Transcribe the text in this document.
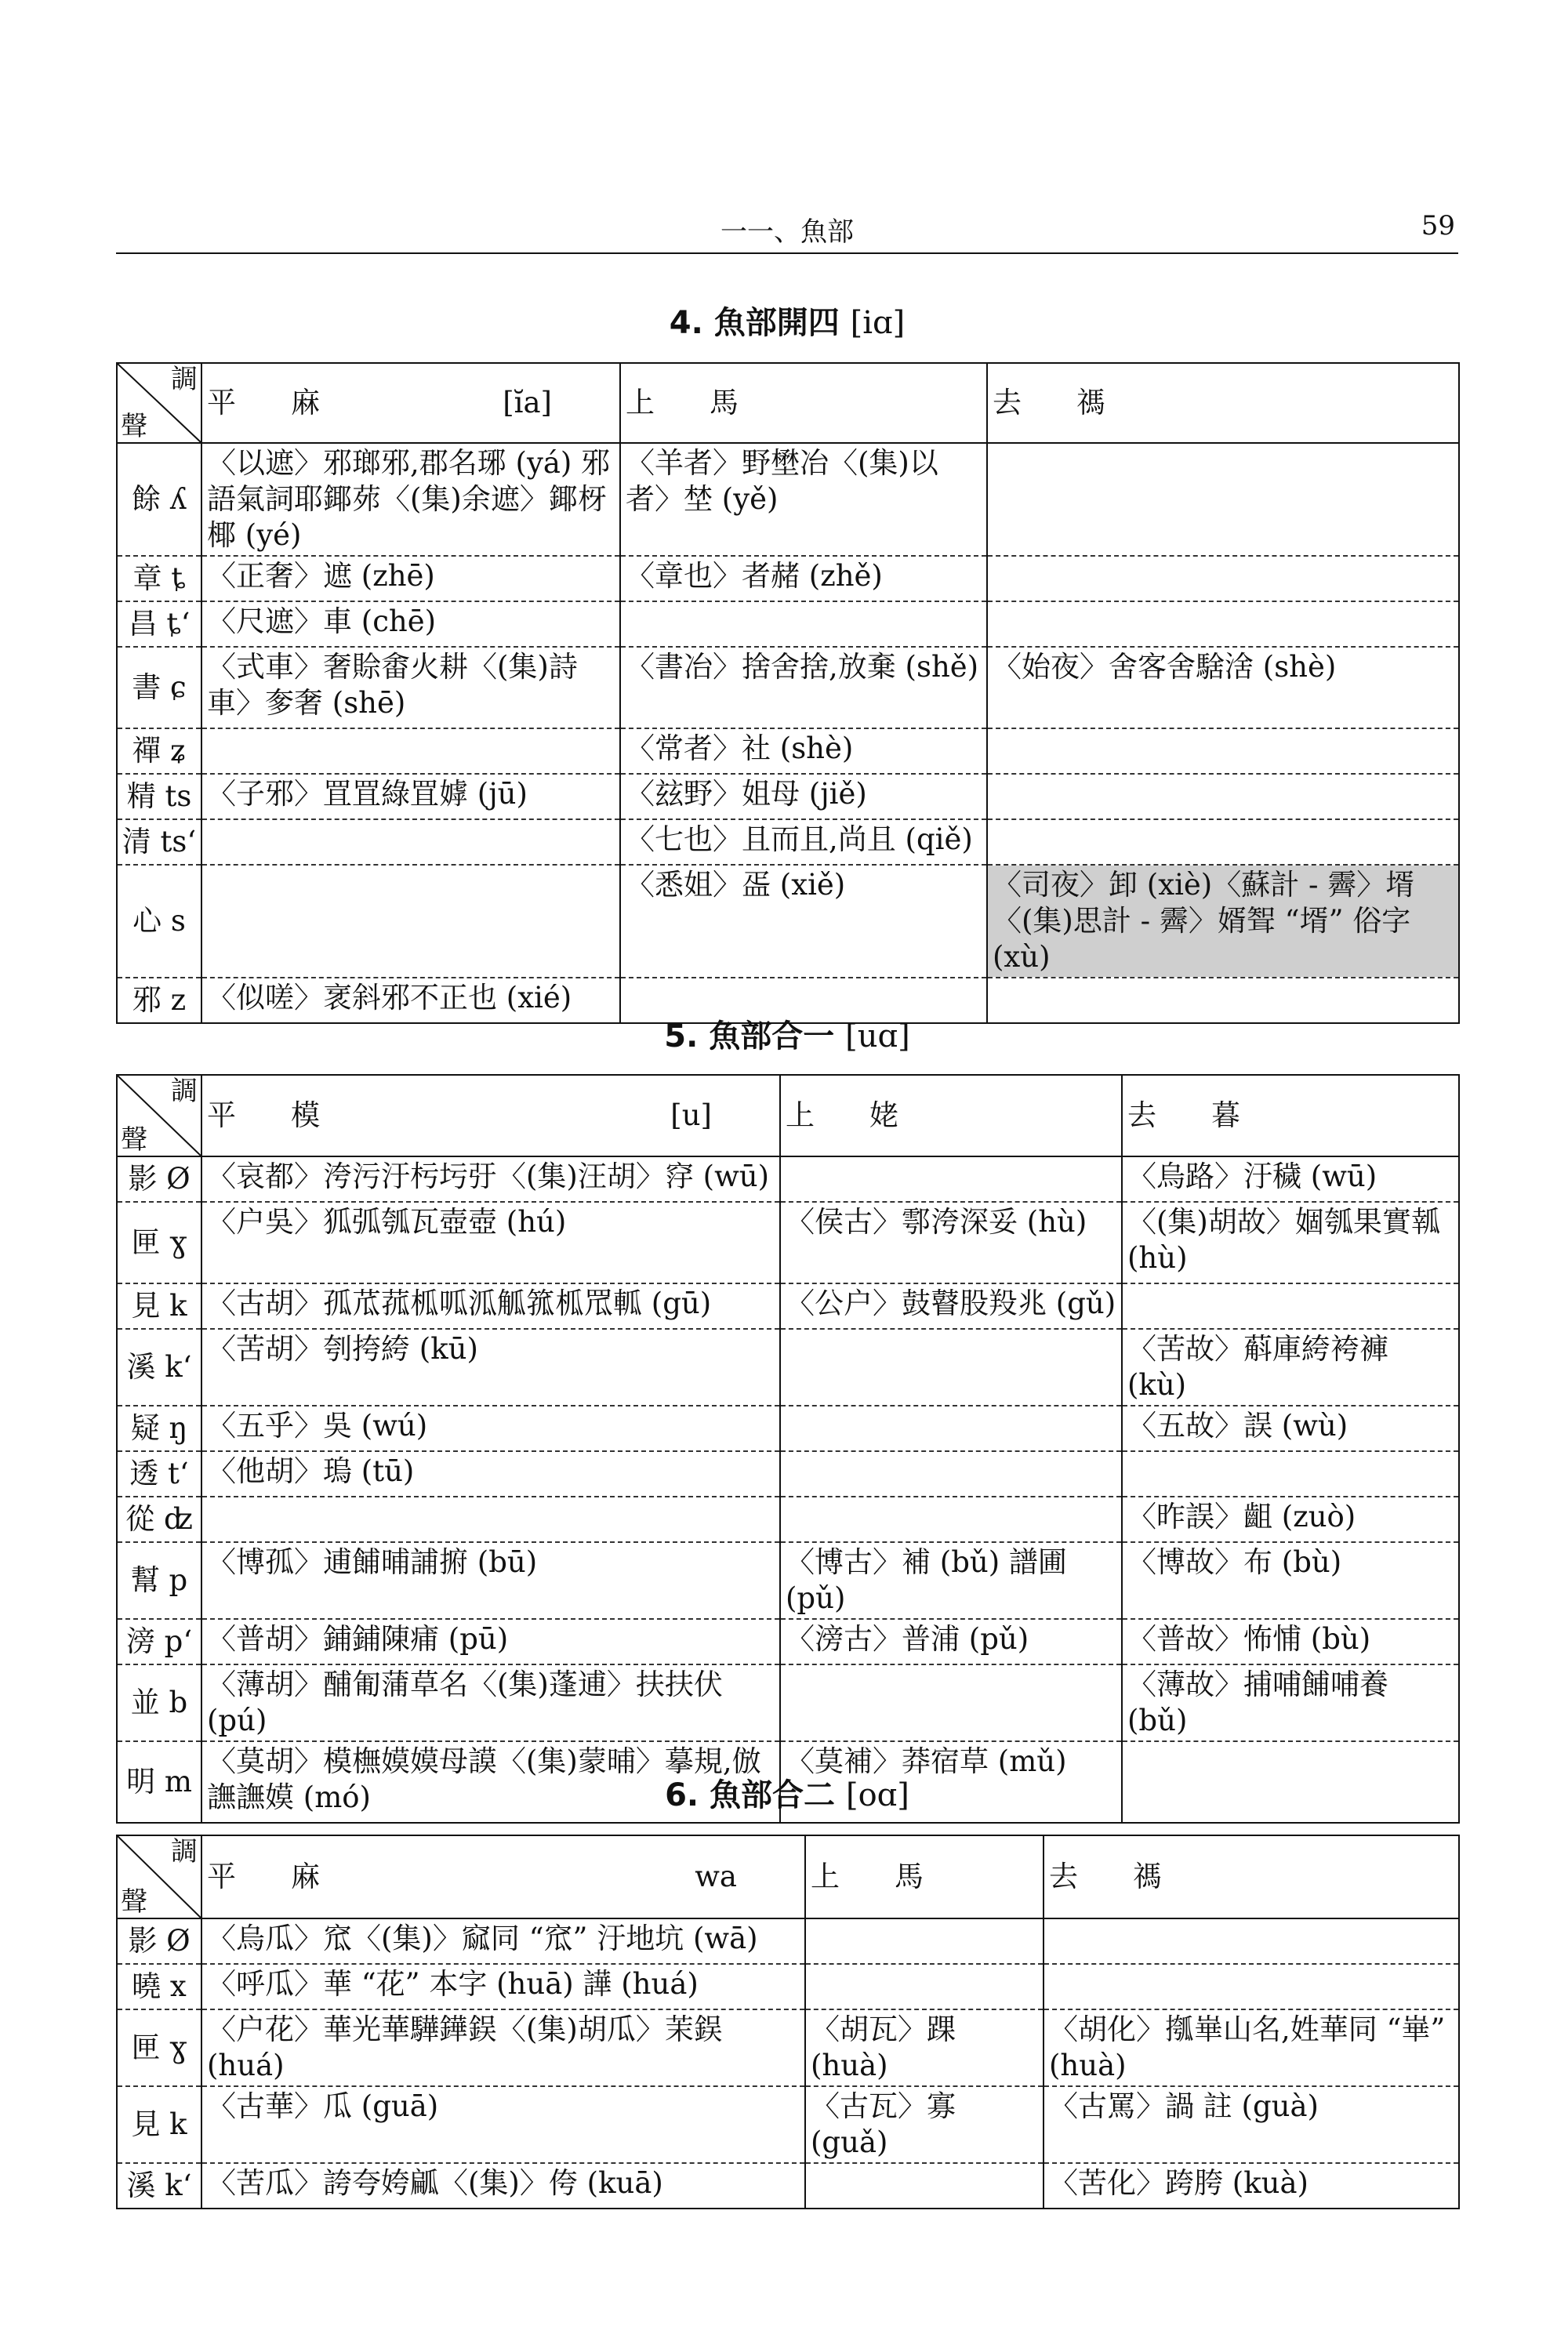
一一、魚部	59
4. 魚部開四 [iɑ]
調
聲	平 麻 [ĭa]	上 馬	去 禡

餘 ʎ	〈以遮〉邪瑯邪,郡名琊 (yá) 邪語氣詞耶鎁茒〈(集)余遮〉鎁枒椰 (yé)	〈羊者〉野壄冶〈(集)以者〉埜 (yě)	
章 ȶ	〈正奢〉遮 (zhē)	〈章也〉者赭 (zhě)	
昌 ȶʻ	〈尺遮〉車 (chē)		
書 ɕ	〈式車〉奢賒畬火耕〈(集)詩車〉奓奢 (shē)	〈書冶〉捨舍捨,放棄 (shě)	〈始夜〉舍客舍騇涻 (shè)
禪 ʑ		〈常者〉社 (shè)	
精 ts	〈子邪〉罝罝綠罝嫭 (jū)	〈玆野〉姐母 (jiě)	
清 tsʻ		〈七也〉且而且,尚且 (qiě)	
心 s		〈悉姐〉㿿 (xiě)	〈司夜〉卸 (xiè)〈蘇計 - 霽〉壻〈(集)思計 - 霽〉婿聟 “壻” 俗字 (xù)
邪 z	〈似嗟〉衺斜邪不正也 (xié)		
5. 魚部合一 [uɑ]
調
聲	平 模 [u]	上 姥	去 暮

影 Ø	〈哀都〉洿污汙杇圬弙〈(集)汪胡〉窏 (wū)		〈烏路〉汙穢 (wū)
匣 ɣ	〈户吳〉狐弧瓠瓦壺壺 (hú)	〈侯古〉鄠洿深妥 (hù)	〈(集)胡故〉婟瓠果實瓡 (hù)
見 k	〈古胡〉孤苽菰柧呱泒觚箛柧罛軱 (gū)	〈公户〉鼓瞽股羖兆 (gǔ)	
溪 kʻ	〈苦胡〉刳挎絝 (kū)		〈苦故〉蔛庫絝袴褲 (kù)
疑 ŋ	〈五乎〉吳 (wú)		〈五故〉誤 (wù)
透 tʻ	〈他胡〉瑦 (tū)		
從 ʣ			〈昨誤〉齟 (zuò)
幫 p	〈博孤〉逋餔晡誧捬 (bū)	〈博古〉補 (bǔ) 譜圃 (pǔ)	〈博故〉布 (bù)
滂 pʻ	〈普胡〉鋪鋪陳痡 (pū)	〈滂古〉普浦 (pǔ)	〈普故〉怖悑 (bù)
並 b	〈薄胡〉酺匍蒲草名〈(集)蓬逋〉扶扶伏 (pú)		〈薄故〉捕哺餔哺養 (bǔ)
明 m	〈莫胡〉模橅嫫嫫母謨〈(集)蒙晡〉摹規,倣譕譕嫫 (mó)	〈莫補〉莽宿草 (mǔ)	
6. 魚部合二 [oɑ]
調
聲	平 麻 wa	上 馬	去 禡

影 Ø	〈烏瓜〉窊〈(集)〉窳同 “窊” 汙地坑 (wā)		
曉 x	〈呼瓜〉華 “花” 本字 (huā) 譁 (huá)		
匣 ɣ	〈户花〉華光華驊鏵鋘〈(集)胡瓜〉茉鋘 (huá)	〈胡瓦〉踝 (huà)	〈胡化〉摦崋山名,姓華同 “崋” (huà)
見 k	〈古華〉瓜 (guā)	〈古瓦〉寡 (guǎ)	〈古罵〉諣 註 (guà)
溪 kʻ	〈苦瓜〉誇夸姱㼐〈(集)〉侉 (kuā)		〈苦化〉跨胯 (kuà)
